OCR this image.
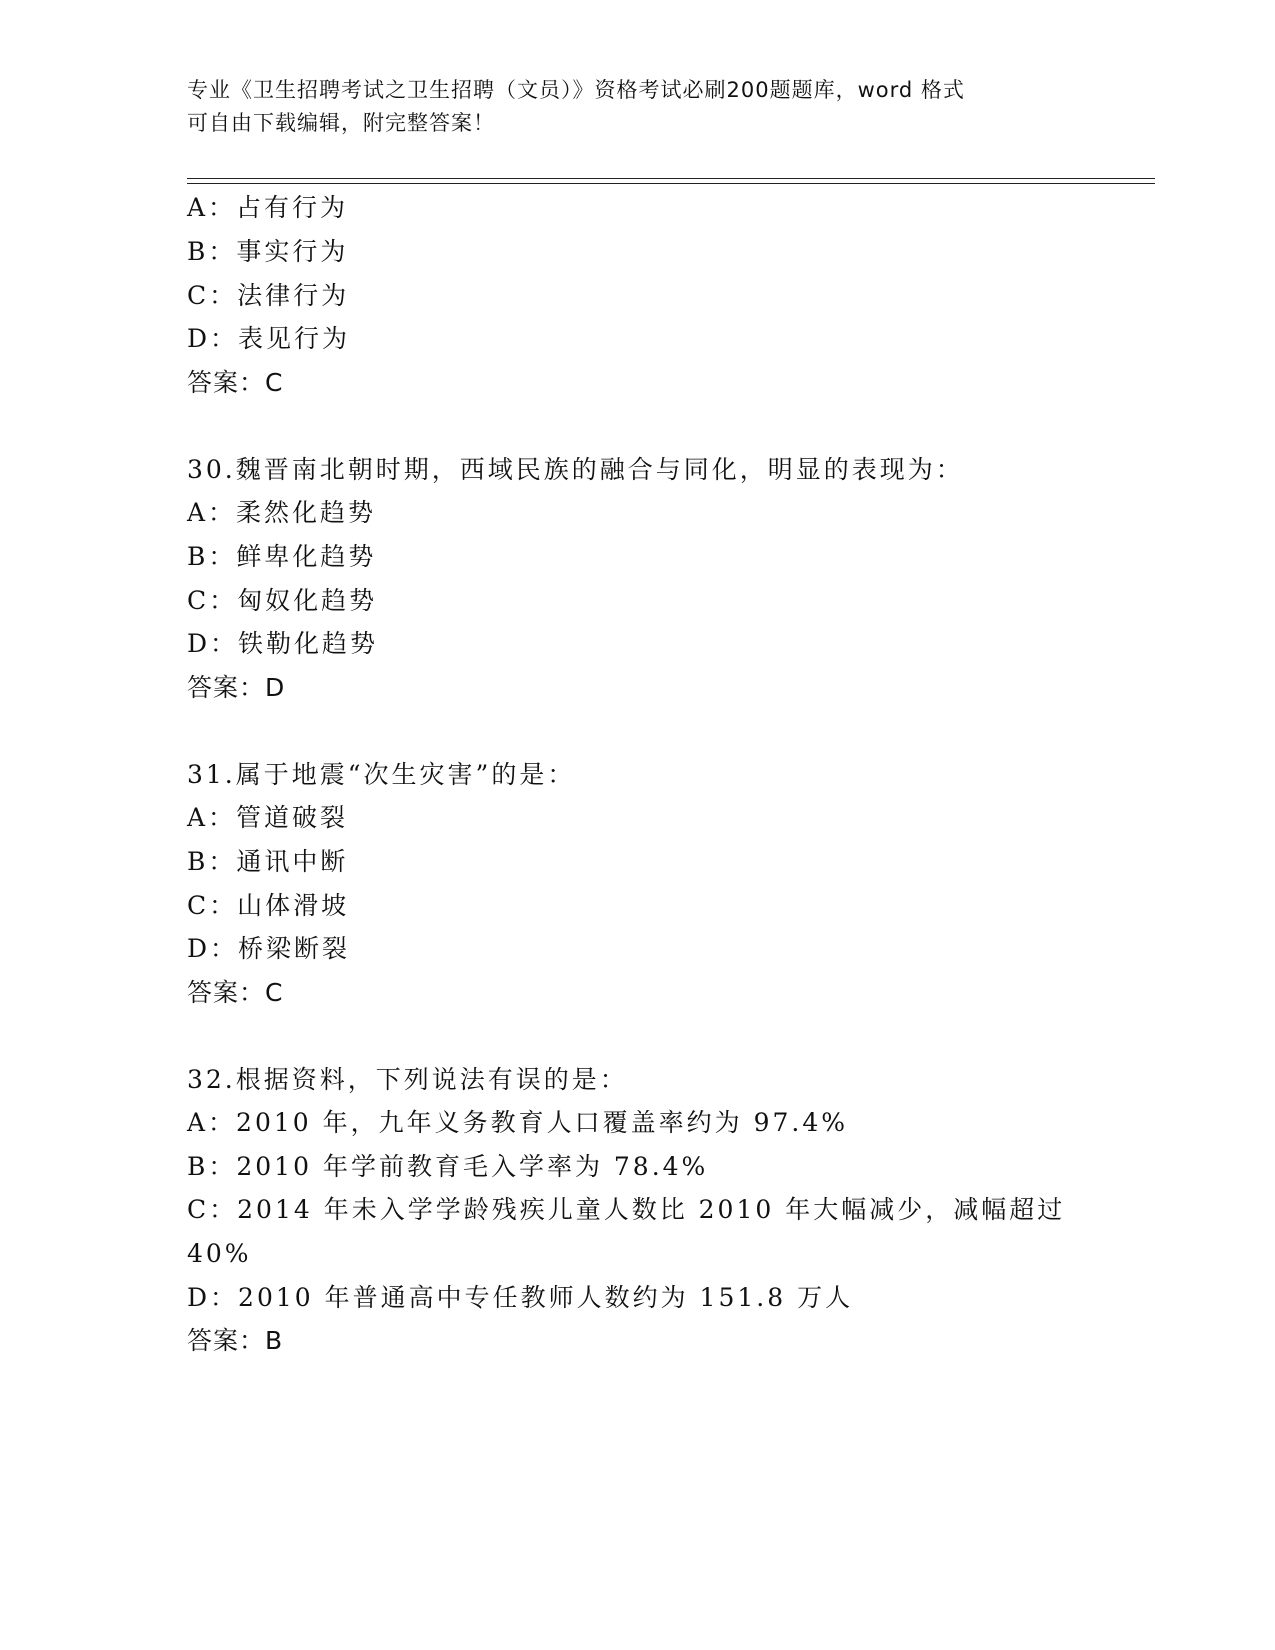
专业《卫生招聘考试之卫生招聘（文员）》资格考试必刷200题题库，word 格式
可自由下载编辑，附完整答案！
A：占有行为
B：事实行为
C：法律行为
D：表见行为
答案：C
30.魏晋南北朝时期，西域民族的融合与同化，明显的表现为：
A：柔然化趋势
B：鲜卑化趋势
C：匈奴化趋势
D：铁勒化趋势
答案：D
31.属于地震“次生灾害”的是：
A：管道破裂
B：通讯中断
C：山体滑坡
D：桥梁断裂
答案：C
32.根据资料，下列说法有误的是：
A：2010 年，九年义务教育人口覆盖率约为 97.4%
B：2010 年学前教育毛入学率为 78.4%
C：2014 年未入学学龄残疾儿童人数比 2010 年大幅减少，减幅超过
40%
D：2010 年普通高中专任教师人数约为 151.8 万人
答案：B
